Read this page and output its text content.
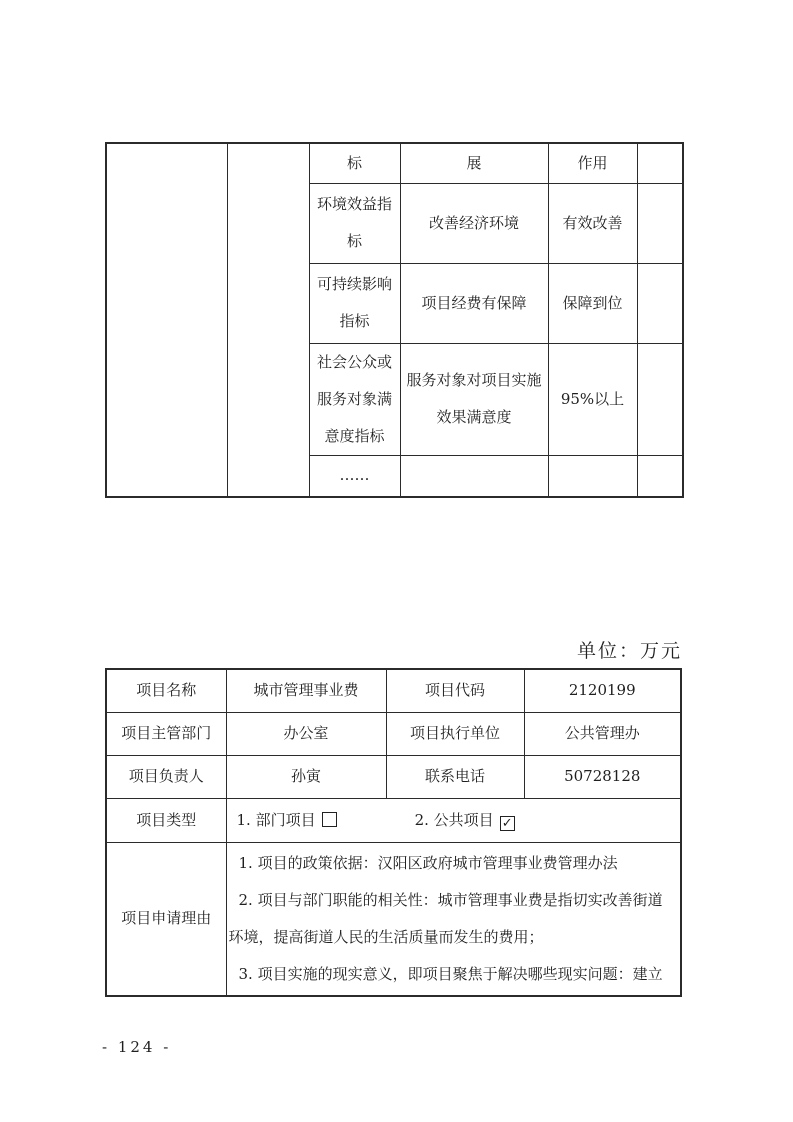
		标	展	作用	
		环境效益指标	改善经济环境	有效改善	
		可持续影响指标	项目经费有保障	保障到位	
		社会公众或服务对象满意度指标	服务对象对项目实施效果满意度	95%以上	
		……			
单位：万元
项目名称	城市管理事业费	项目代码	2120199
项目主管部门	办公室	项目执行单位	公共管理办
项目负责人	孙寅	联系电话	50728128
项目类型	1. 部门项目 2. 公共项目 ✓		

项目申请理由	1. 项目的政策依据：汉阳区政府城市管理事业费管理办法

2. 项目与部门职能的相关性：城市管理事业费是指切实改善街道环境，提高街道人民的生活质量而发生的费用；

3. 项目实施的现实意义，即项目聚焦于解决哪些现实问题：建立		

- 124 -
